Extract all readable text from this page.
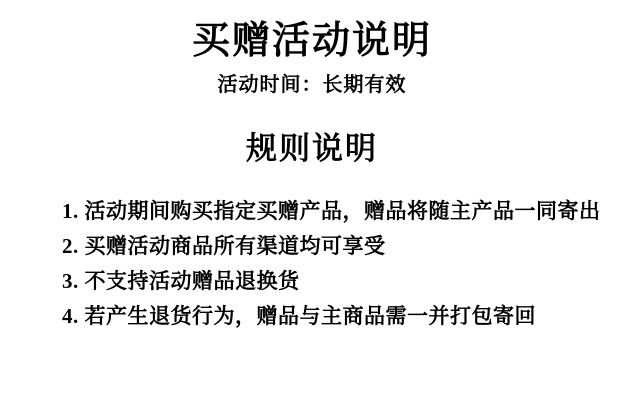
买赠活动说明

活动时间：长期有效

规则说明
1. 活动期间购买指定买赠产品，赠品将随主产品一同寄出
2. 买赠活动商品所有渠道均可享受
3. 不支持活动赠品退换货
4. 若产生退货行为，赠品与主商品需一并打包寄回
